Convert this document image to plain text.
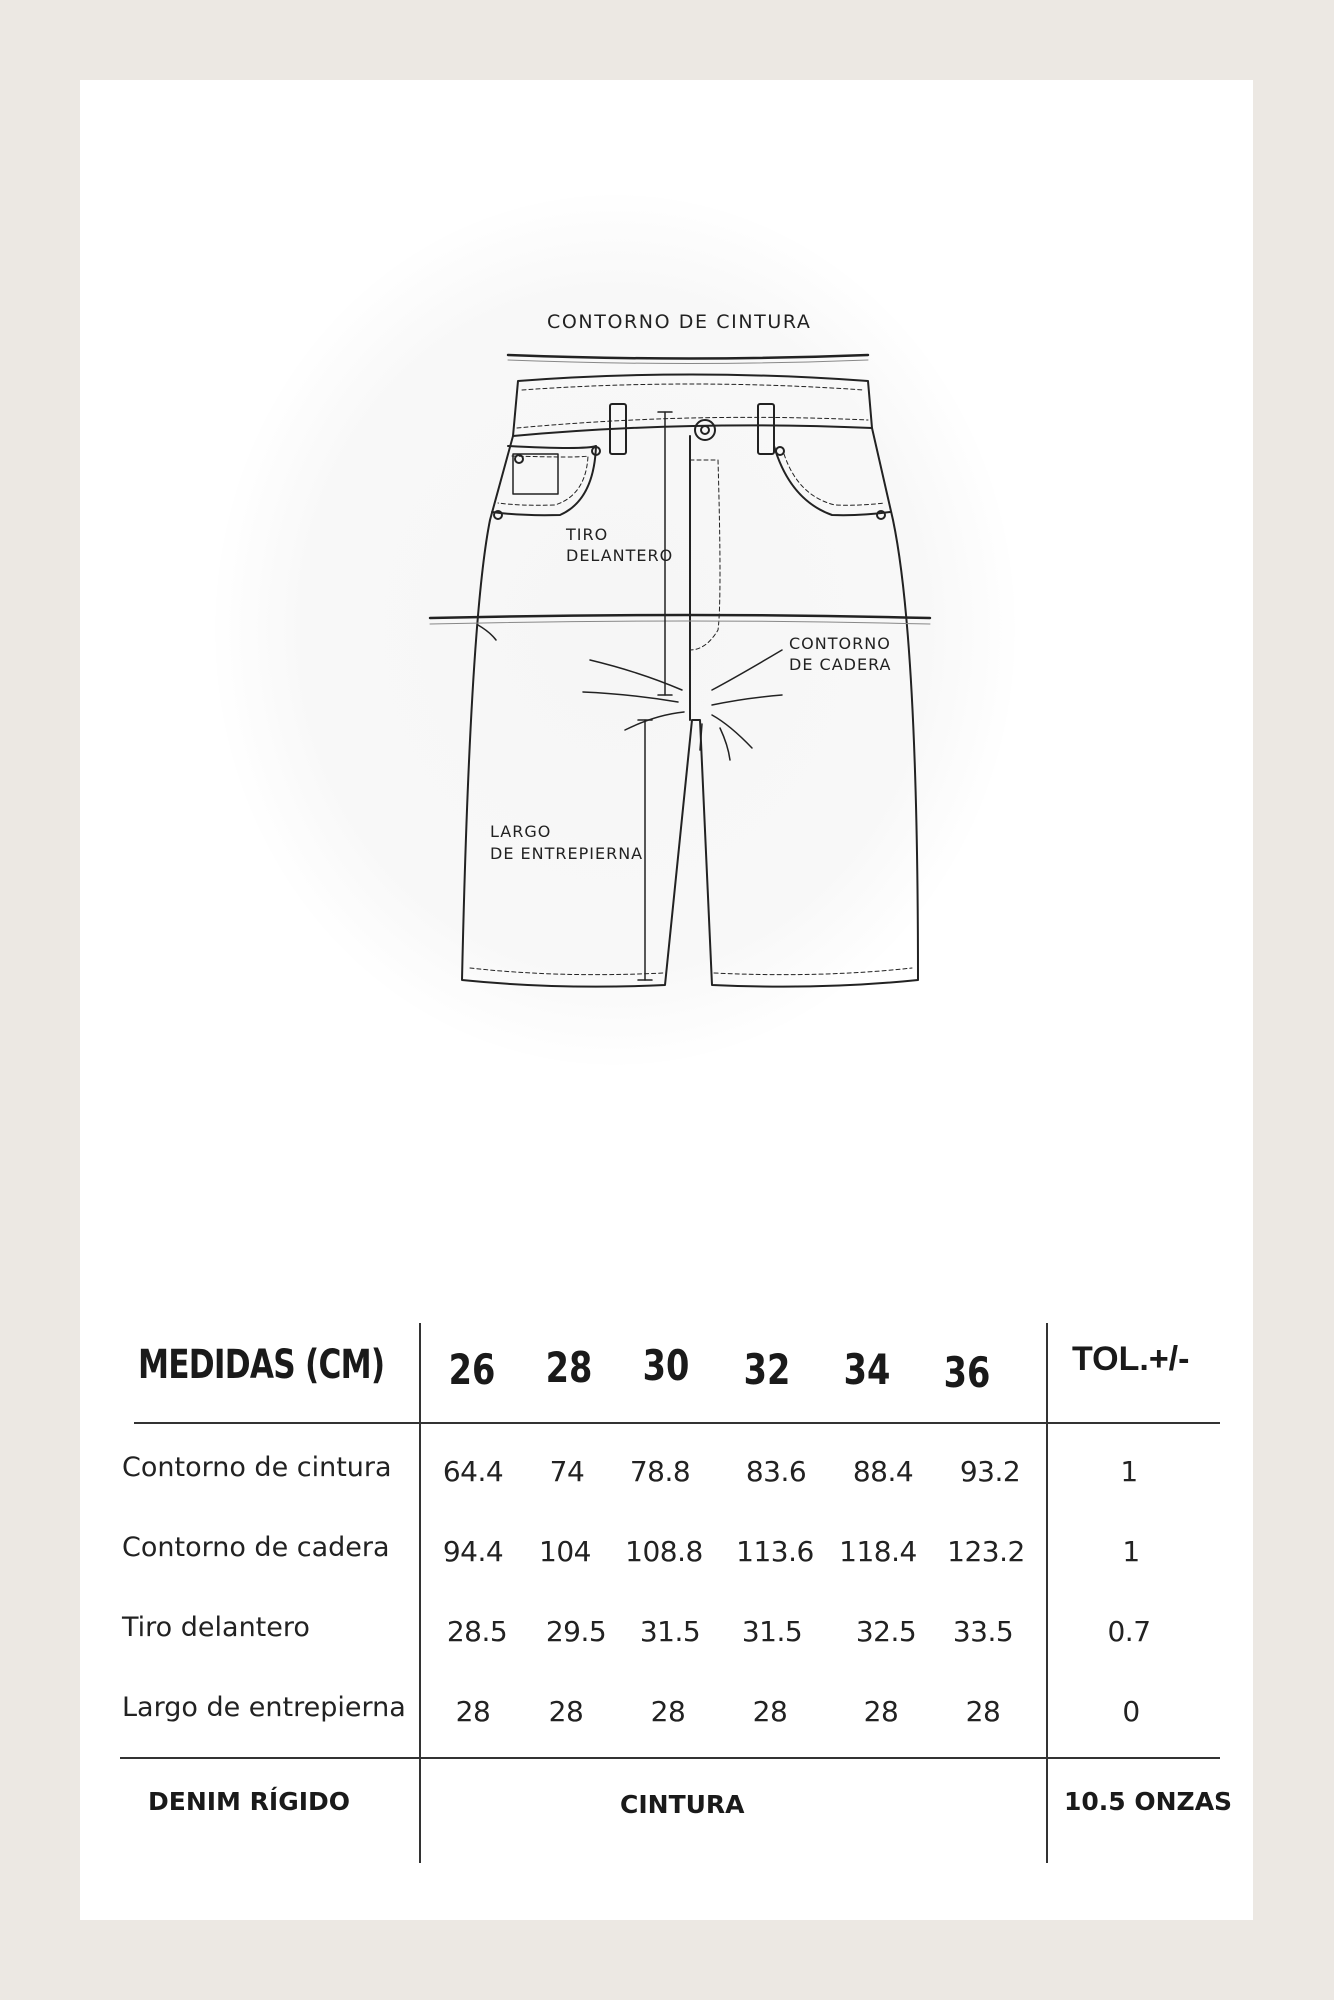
CONTORNO DE CINTURA
TIRO
DELANTERO
CONTORNO
DE CADERA
LARGO
DE ENTREPIERNA
MEDIDAS (CM) 26 28 30 32 34 36 TOL.+/-
Contorno de cintura	64.4	74	78.8	83.6	88.4	93.2	1
Contorno de cadera	94.4	104	108.8	113.6 118.4	123.2	1
Tiro delantero	28.5	29.5	31.5	31.5	32.5	33.5	0.7
Largo de entrepierna	28	28	28	28	28	28	0
DENIM RÍGIDO	CINTURA	10.5 ONZAS
